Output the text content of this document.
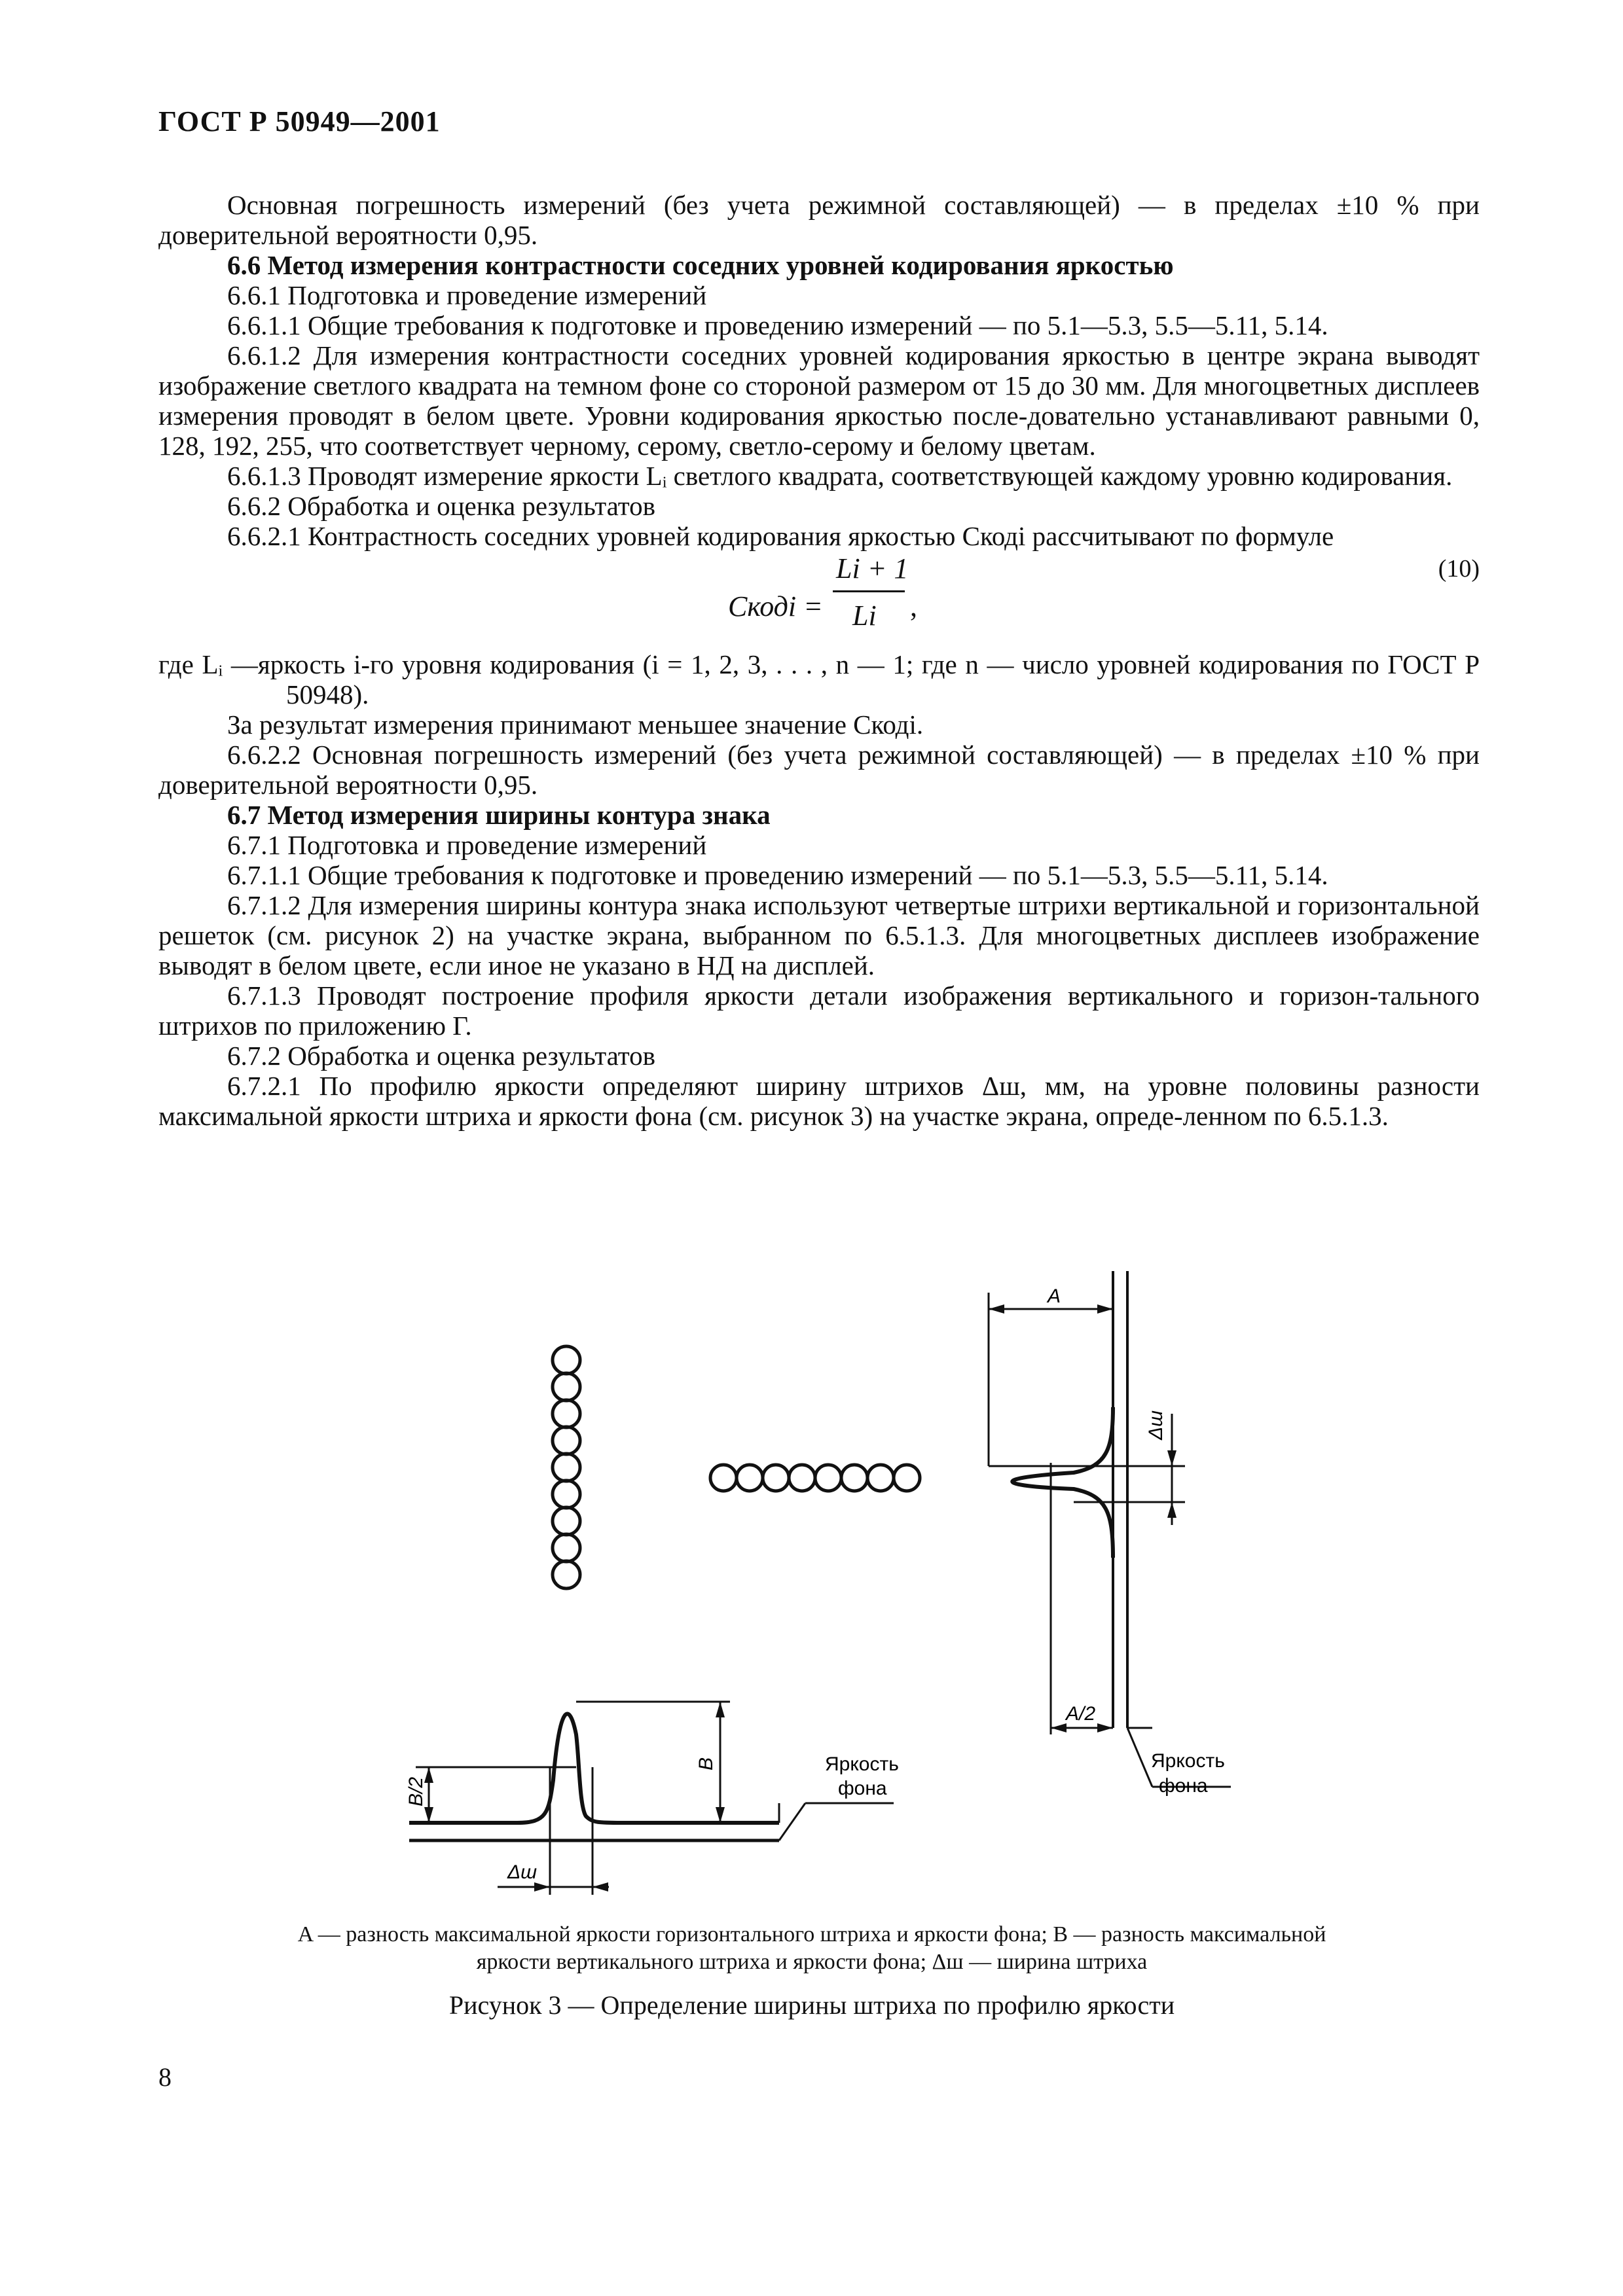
ГОСТ Р 50949—2001

Основная погрешность измерений (без учета режимной составляющей) — в пределах ±10 % при доверительной вероятности 0,95.

6.6 Метод измерения контрастности соседних уровней кодирования яркостью

6.6.1 Подготовка и проведение измерений

6.6.1.1 Общие требования к подготовке и проведению измерений — по 5.1—5.3, 5.5—5.11, 5.14.

6.6.1.2 Для измерения контрастности соседних уровней кодирования яркостью в центре экрана выводят изображение светлого квадрата на темном фоне со стороной размером от 15 до 30 мм. Для многоцветных дисплеев измерения проводят в белом цвете. Уровни кодирования яркостью после-довательно устанавливают равными 0, 128, 192, 255, что соответствует черному, серому, светло-серому и белому цветам.

6.6.1.3 Проводят измерение яркости Lᵢ светлого квадрата, соответствующей каждому уровню кодирования.

6.6.2 Обработка и оценка результатов

6.6.2.1 Контрастность соседних уровней кодирования яркостью Cкодi рассчитывают по формуле

Cкодi =
Li + 1
Li ,
(10)

где Lᵢ —яркость i-го уровня кодирования (i = 1, 2, 3, . . . , n — 1; где n — число уровней кодирования по ГОСТ Р 50948).

За результат измерения принимают меньшее значение Cкодi.

6.6.2.2 Основная погрешность измерений (без учета режимной составляющей) — в пределах ±10 % при доверительной вероятности 0,95.

6.7 Метод измерения ширины контура знака

6.7.1 Подготовка и проведение измерений

6.7.1.1 Общие требования к подготовке и проведению измерений — по 5.1—5.3, 5.5—5.11, 5.14.

6.7.1.2 Для измерения ширины контура знака используют четвертые штрихи вертикальной и горизонтальной решеток (см. рисунок 2) на участке экрана, выбранном по 6.5.1.3. Для многоцветных дисплеев изображение выводят в белом цвете, если иное не указано в НД на дисплей.

6.7.1.3 Проводят построение профиля яркости детали изображения вертикального и горизон-тального штрихов по приложению Г.

6.7.2 Обработка и оценка результатов

6.7.2.1 По профилю яркости определяют ширину штрихов Δш, мм, на уровне половины разности максимальной яркости штриха и яркости фона (см. рисунок 3) на участке экрана, опреде-ленном по 6.5.1.3.

A
Δш
A/2
Яркость
фона
B/2
B
Δш
Яркость
фона
A — разность максимальной яркости горизонтального штриха и яркости фона; B — разность максимальной яркости вертикального штриха и яркости фона; Δш — ширина штриха
Рисунок 3 — Определение ширины штриха по профилю яркости
8
